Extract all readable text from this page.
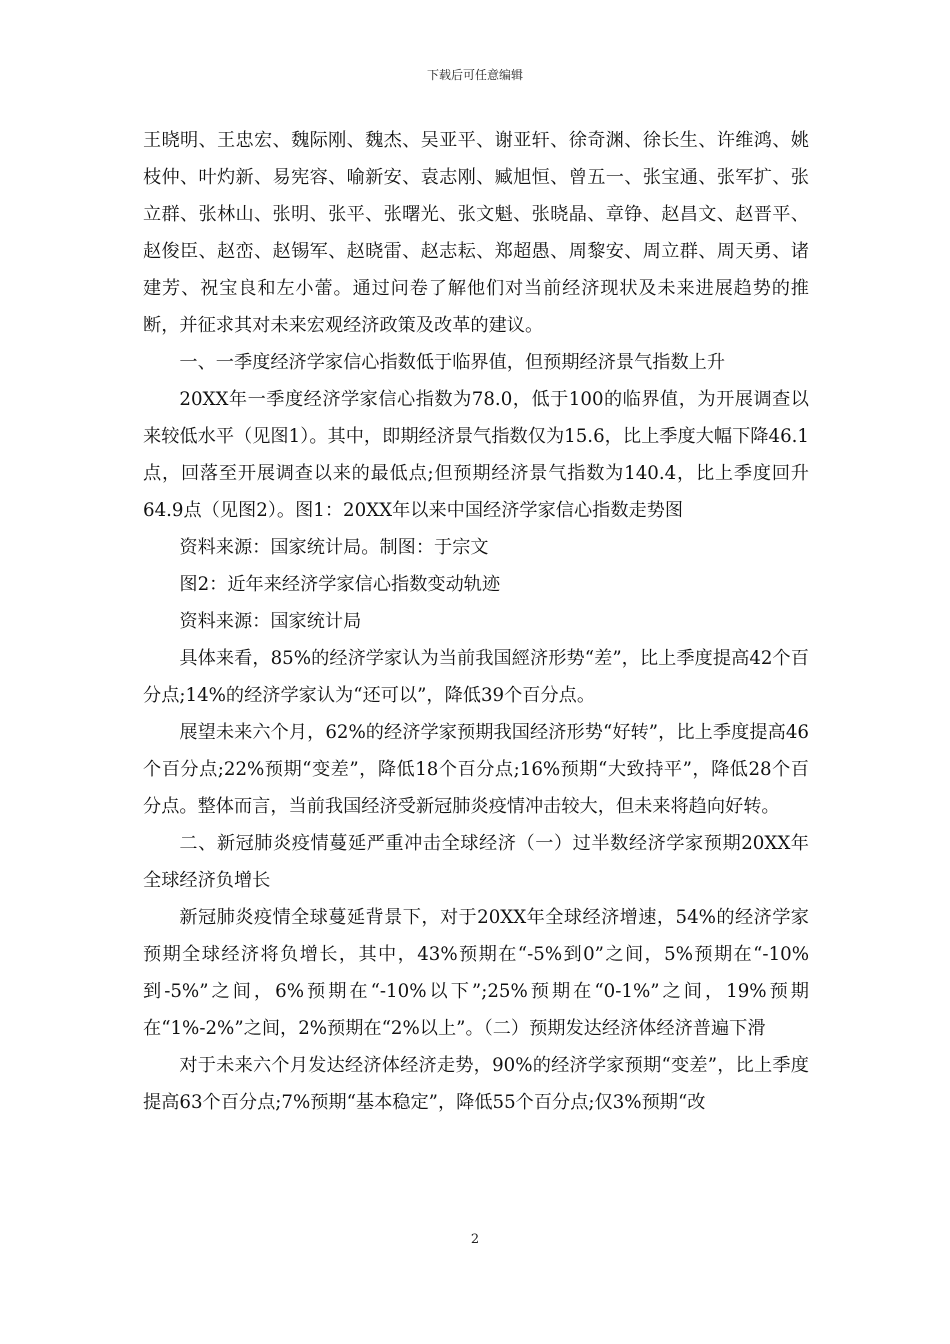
下载后可任意编辑

王晓明、王忠宏、魏际刚、魏杰、吴亚平、谢亚轩、徐奇渊、徐长生、许维鸿、姚枝仲、叶灼新、易宪容、喻新安、袁志刚、臧旭恒、曾五一、张宝通、张军扩、张立群、张林山、张明、张平、张曙光、张文魁、张晓晶、章铮、赵昌文、赵晋平、赵俊臣、赵峦、赵锡军、赵晓雷、赵志耘、郑超愚、周黎安、周立群、周天勇、诸建芳、祝宝良和左小蕾。通过问卷了解他们对当前经济现状及未来进展趋势的推断，并征求其对未来宏观经济政策及改革的建议。

一、一季度经济学家信心指数低于临界值，但预期经济景气指数上升

20XX年一季度经济学家信心指数为78.0，低于100的临界值，为开展调查以来较低水平（见图1）。其中，即期经济景气指数仅为15.6，比上季度大幅下降46.1点，回落至开展调查以来的最低点;但预期经济景气指数为140.4，比上季度回升64.9点（见图2）。图1：20XX年以来中国经济学家信心指数走势图

资料来源：国家统计局。制图：于宗文

图2：近年来经济学家信心指数变动轨迹

资料来源：国家统计局

具体来看，85%的经济学家认为当前我国經济形势“差”，比上季度提高42个百分点;14%的经济学家认为“还可以”，降低39个百分点。

展望未来六个月，62%的经济学家预期我国经济形势“好转”，比上季度提高46个百分点;22%预期“变差”，降低18个百分点;16%预期“大致持平”，降低28个百分点。整体而言，当前我国经济受新冠肺炎疫情冲击较大，但未来将趋向好转。

二、新冠肺炎疫情蔓延严重冲击全球经济（一）过半数经济学家预期20XX年全球经济负增长

新冠肺炎疫情全球蔓延背景下，对于20XX年全球经济增速，54%的经济学家预期全球经济将负增长，其中，43%预期在“-5%到0”之间，5%预期在“-10%到-5%”之间，6%预期在“-10%以下”;25%预期在“0-1%”之间，19%预期在“1%-2%”之间，2%预期在“2%以上”。（二）预期发达经济体经济普遍下滑

对于未来六个月发达经济体经济走势，90%的经济学家预期“变差”，比上季度提高63个百分点;7%预期“基本稳定”，降低55个百分点;仅3%预期“改

2
